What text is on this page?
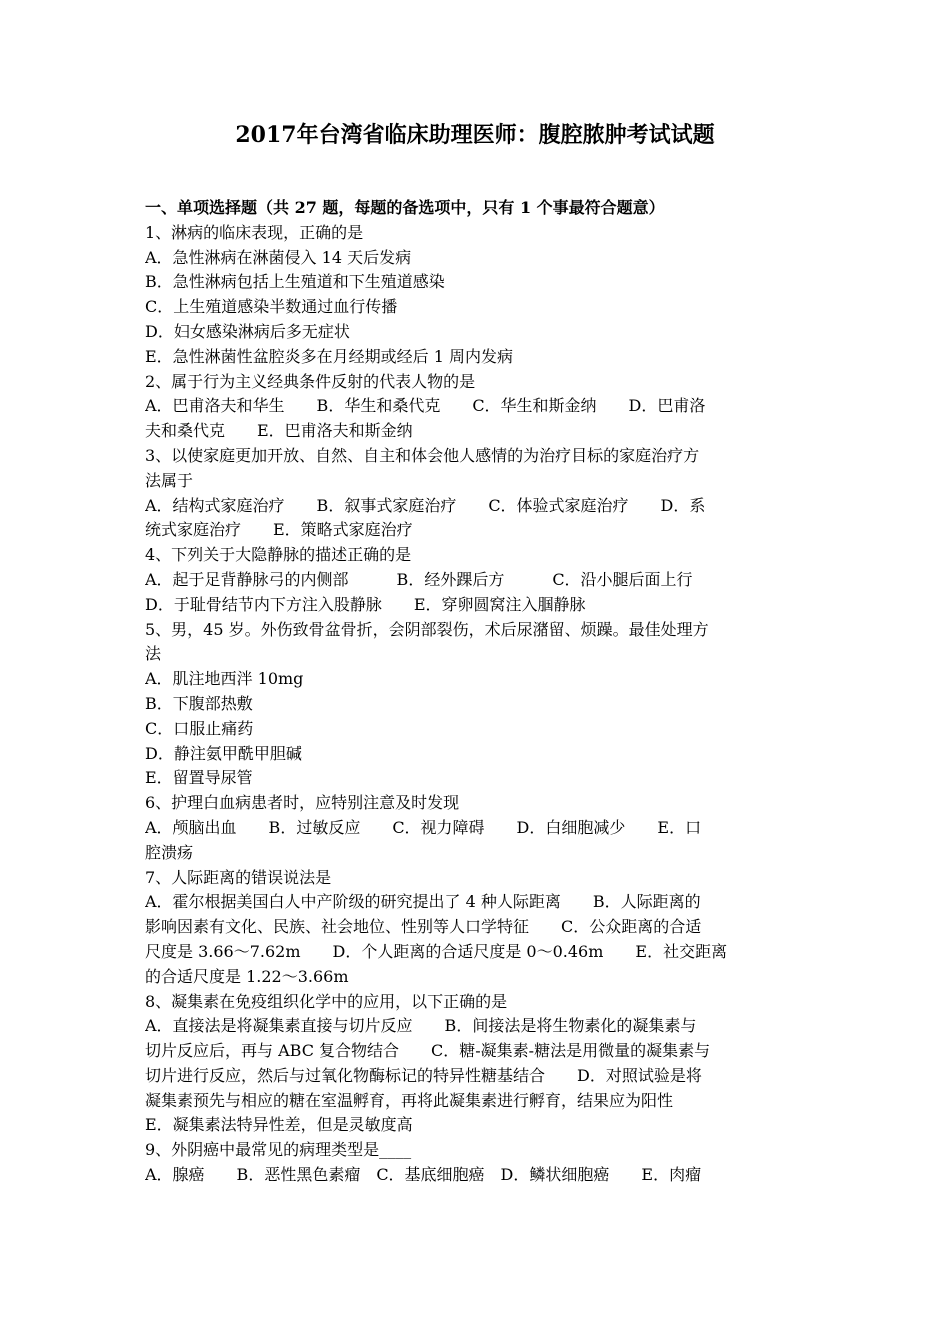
2017年台湾省临床助理医师：腹腔脓肿考试试题
一、单项选择题（共 27 题，每题的备选项中，只有 1 个事最符合题意）
1、淋病的临床表现，正确的是
A．急性淋病在淋菌侵入 14 天后发病
B．急性淋病包括上生殖道和下生殖道感染
C．上生殖道感染半数通过血行传播
D．妇女感染淋病后多无症状
E．急性淋菌性盆腔炎多在月经期或经后 1 周内发病
2、属于行为主义经典条件反射的代表人物的是
A．巴甫洛夫和华生　　B．华生和桑代克　　C．华生和斯金纳　　D．巴甫洛
夫和桑代克　　E．巴甫洛夫和斯金纳
3、以使家庭更加开放、自然、自主和体会他人感情的为治疗目标的家庭治疗方
法属于
A．结构式家庭治疗　　B．叙事式家庭治疗　　C．体验式家庭治疗　　D．系
统式家庭治疗　　E．策略式家庭治疗
4、下列关于大隐静脉的描述正确的是
A．起于足背静脉弓的内侧部　　　B．经外踝后方　　　C．沿小腿后面上行
D．于耻骨结节内下方注入股静脉　　E．穿卵圆窝注入腘静脉
5、男，45 岁。外伤致骨盆骨折，会阴部裂伤，术后尿潴留、烦躁。最佳处理方
法
A．肌注地西泮 10mg
B．下腹部热敷
C．口服止痛药
D．静注氨甲酰甲胆碱
E．留置导尿管
6、护理白血病患者时，应特别注意及时发现
A．颅脑出血　　B．过敏反应　　C．视力障碍　　D．白细胞减少　　E．口
腔溃疡
7、人际距离的错误说法是
A．霍尔根据美国白人中产阶级的研究提出了 4 种人际距离　　B．人际距离的
影响因素有文化、民族、社会地位、性别等人口学特征　　C．公众距离的合适
尺度是 3.66～7.62m　　D．个人距离的合适尺度是 0～0.46m　　E．社交距离
的合适尺度是 1.22～3.66m
8、凝集素在免疫组织化学中的应用，以下正确的是
A．直接法是将凝集素直接与切片反应　　B．间接法是将生物素化的凝集素与
切片反应后，再与 ABC 复合物结合　　C．糖-凝集素-糖法是用微量的凝集素与
切片进行反应，然后与过氧化物酶标记的特异性糖基结合　　D．对照试验是将
凝集素预先与相应的糖在室温孵育，再将此凝集素进行孵育，结果应为阳性
E．凝集素法特异性差，但是灵敏度高
9、外阴癌中最常见的病理类型是____
A．腺癌　　B．恶性黑色素瘤　C．基底细胞癌　D．鳞状细胞癌　　E．肉瘤
